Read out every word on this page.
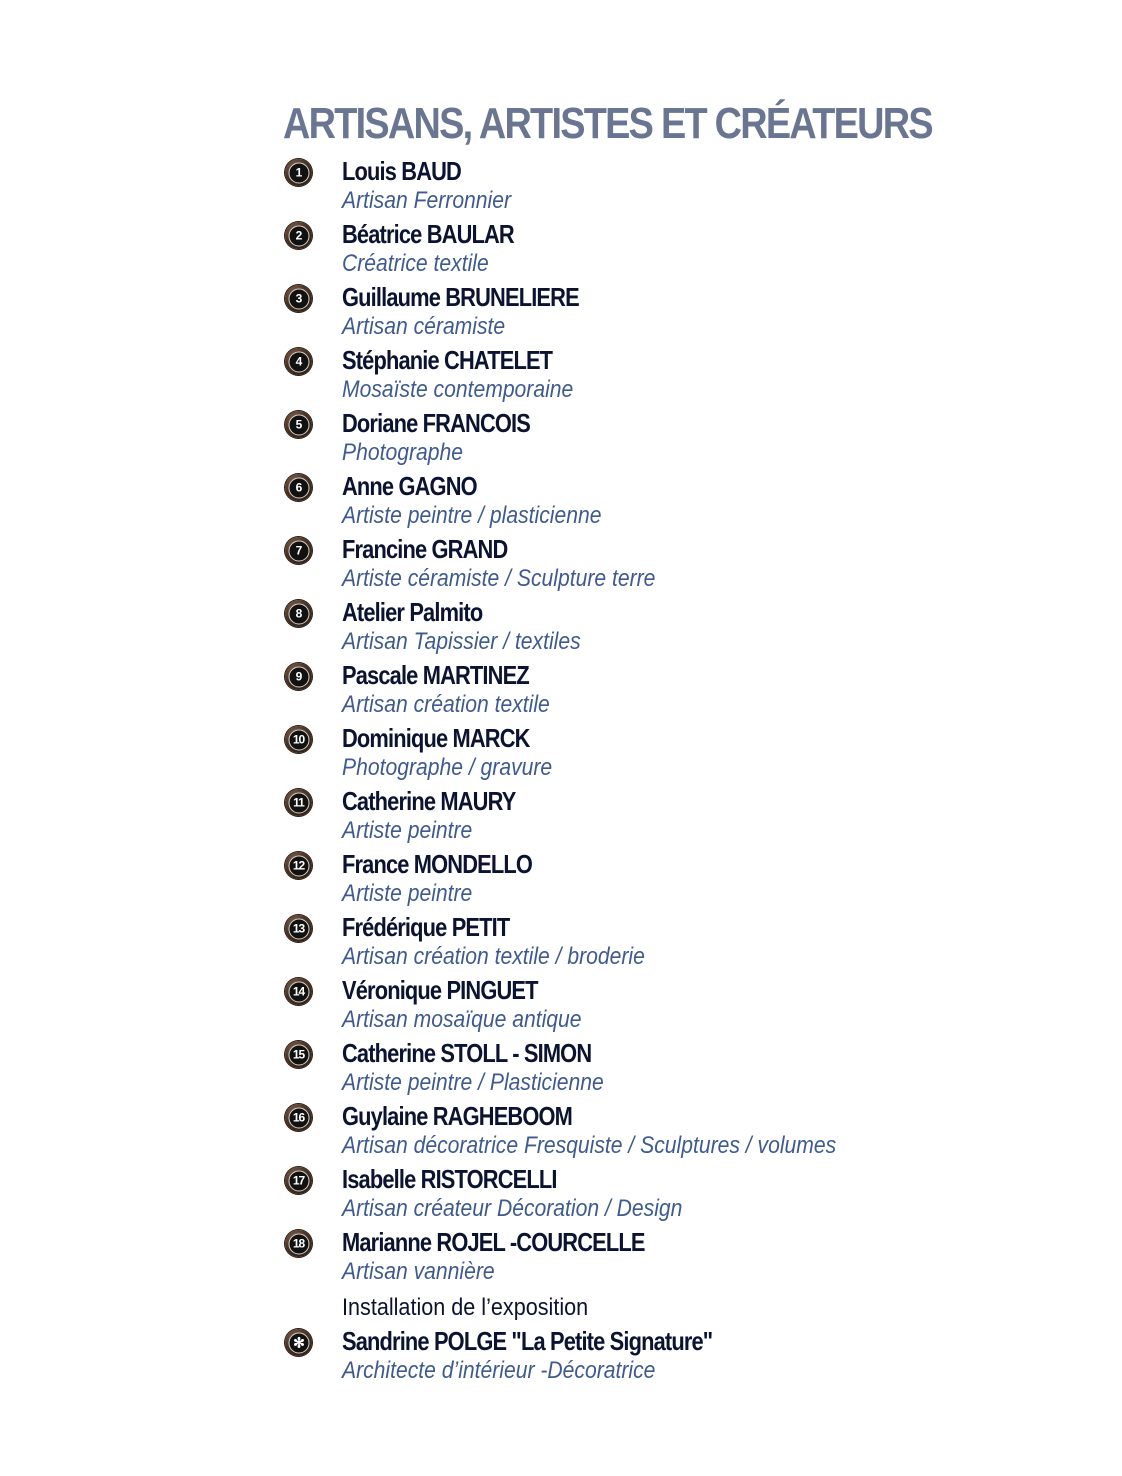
ARTISANS, ARTISTES ET CRÉATEURS
1 Louis BAUD
Artisan Ferronnier
2 Béatrice BAULAR
Créatrice textile
3 Guillaume BRUNELIERE
Artisan céramiste
4 Stéphanie CHATELET
Mosaïste contemporaine
5 Doriane FRANCOIS
Photographe
6 Anne GAGNO
Artiste peintre / plasticienne
7 Francine GRAND
Artiste céramiste / Sculpture terre
8 Atelier Palmito
Artisan Tapissier / textiles
9 Pascale MARTINEZ
Artisan création textile
10 Dominique MARCK
Photographe / gravure
11 Catherine MAURY
Artiste peintre
12 France MONDELLO
Artiste peintre
13 Frédérique PETIT
Artisan création textile / broderie
14 Véronique PINGUET
Artisan mosaïque antique
15 Catherine STOLL - SIMON
Artiste peintre / Plasticienne
16 Guylaine RAGHEBOOM
Artisan décoratrice Fresquiste / Sculptures / volumes
17 Isabelle RISTORCELLI
Artisan créateur Décoration / Design
18 Marianne ROJEL -COURCELLE
Artisan vannière
Installation de l’exposition
✻ Sandrine POLGE "La Petite Signature"
Architecte d’intérieur -Décoratrice
